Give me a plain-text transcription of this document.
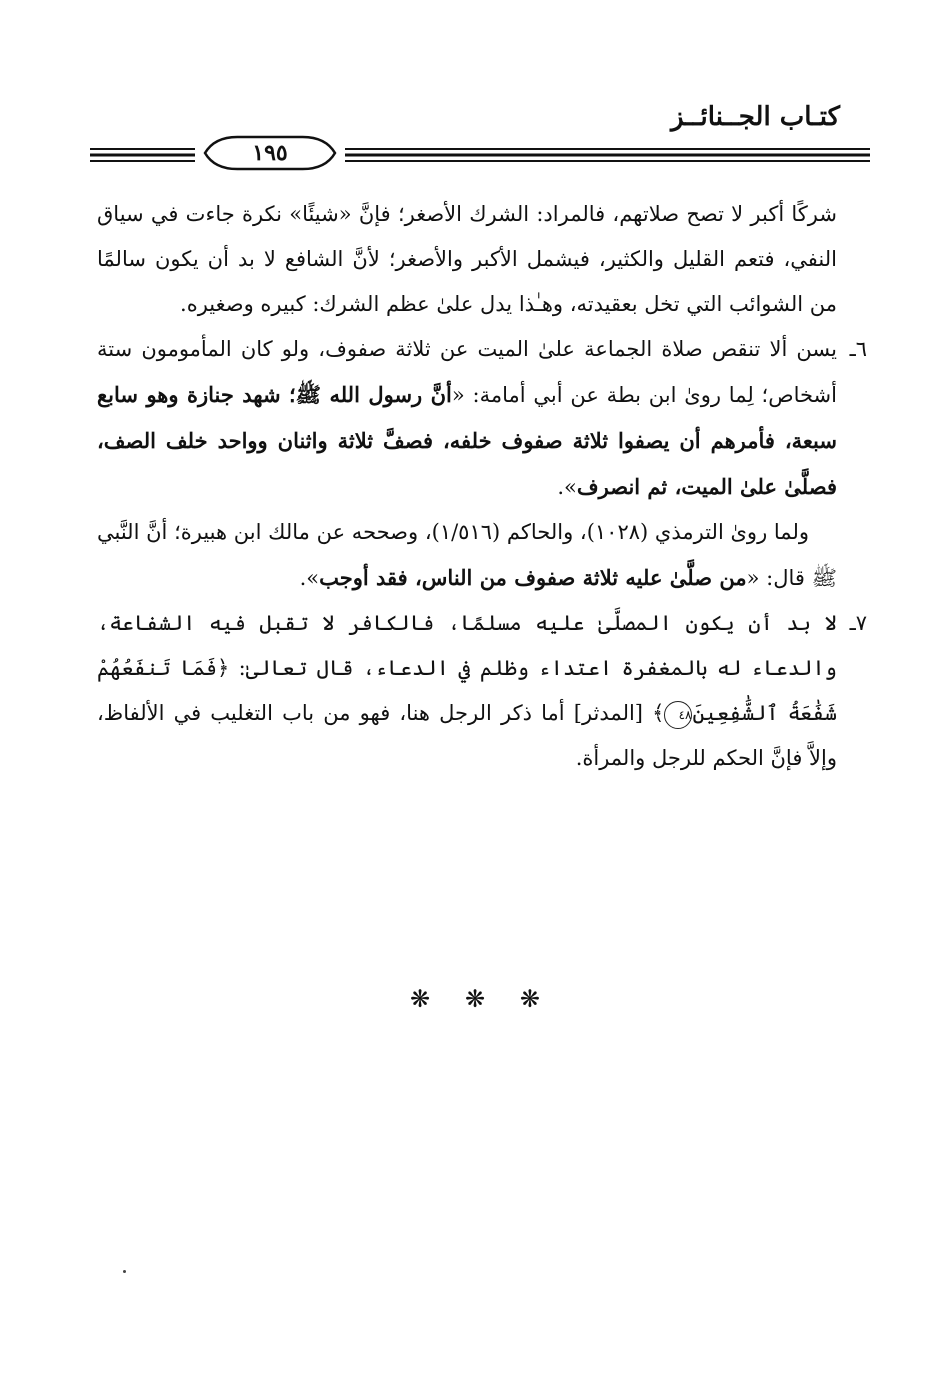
كتـاب الجــنائــز
١٩٥

شركًا أكبر لا تصح صلاتهم، فالمراد: الشرك الأصغر؛ فإنَّ «شيئًا» نكرة جاءت في سياق النفي، فتعم القليل والكثير، فيشمل الأكبر والأصغر؛ لأنَّ الشافع لا بد أن يكون سالمًا من الشوائب التي تخل بعقيدته، وهـٰذا يدل علىٰ عظم الشرك: كبيره وصغيره.

٦ـ
يسن ألا تنقص صلاة الجماعة علىٰ الميت عن ثلاثة صفوف، ولو كان المأمومون ستة أشخاص؛ لِما روىٰ ابن بطة عن أبي أمامة: «أنَّ رسول الله ﷺ؛ شهد جنازة وهو سابع سبعة، فأمرهم أن يصفوا ثلاثة صفوف خلفه، فصفَّ ثلاثة واثنان وواحد خلف الصف، فصلَّىٰ علىٰ الميت، ثم انصرف».

ولما روىٰ الترمذي (١٠٢٨)، والحاكم (١/٥١٦)، وصححه عن مالك ابن هبيرة؛ أنَّ النَّبي ﷺ قال: «من صلَّىٰ عليه ثلاثة صفوف من الناس، فقد أوجب».

٧ـ
لا بد أن يكون المصلَّىٰ عليه مسلمًا، فالكافر لا تقبل فيه الشفاعة، والدعاء له بالمغفرة اعتداء وظلم في الدعاء، قال تعالىٰ: ﴿فَمَا تَنفَعُهُمْ شَفَٰعَةُ ٱلشَّٰفِعِينَ٤٨﴾ [المدثر] أما ذكر الرجل هنا، فهو من باب التغليب في الألفاظ، وإلاَّ فإنَّ الحكم للرجل والمرأة.

❋ ❋ ❋
